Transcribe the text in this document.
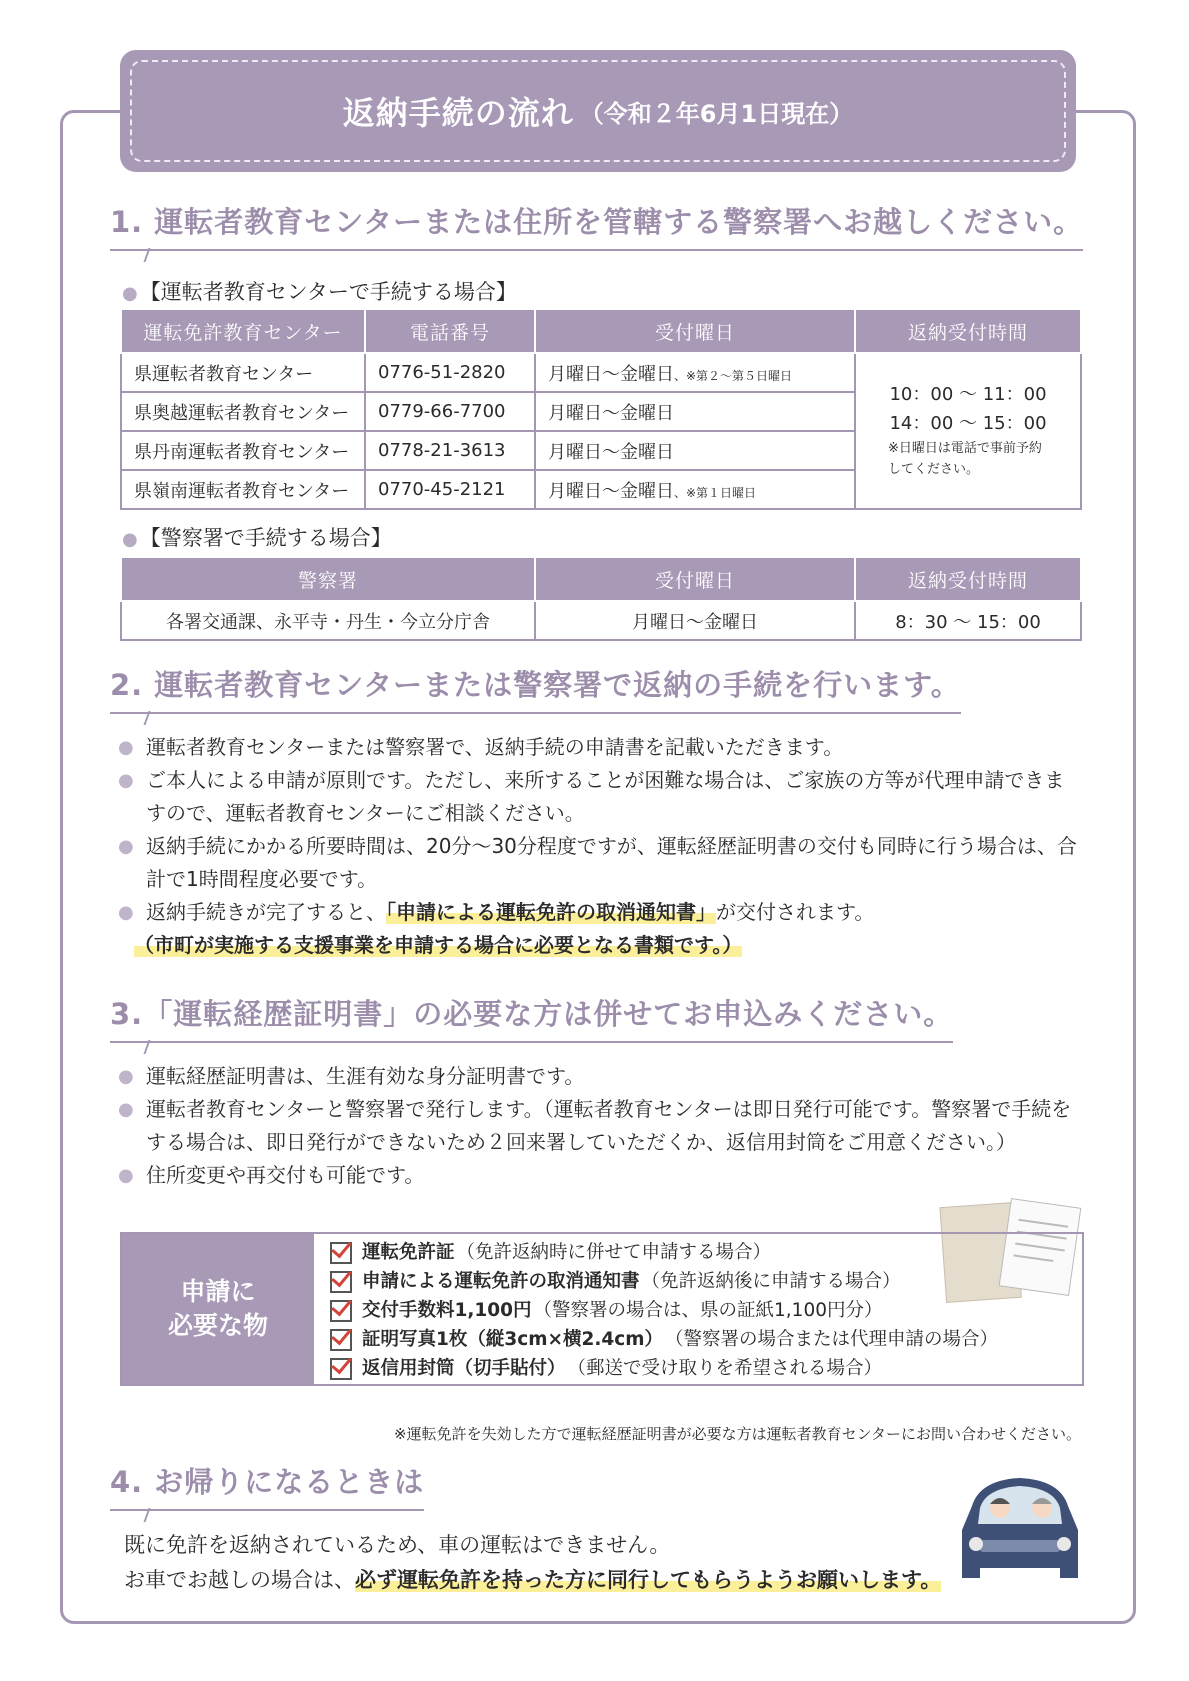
返納手続の流れ （令和２年6月1日現在）
1. 運転者教育センターまたは住所を管轄する警察署へお越しください。
●【運転者教育センターで手続する場合】
運転免許教育センター	電話番号	受付曜日	返納受付時間
県運転者教育センター	0776-51-2820	月曜日～金曜日、※第２～第５日曜日	10：00 ～ 11：00
14：00 ～ 15：00
※日曜日は電話で事前予約
してください。

県奥越運転者教育センター	0779-66-7700	月曜日～金曜日	
県丹南運転者教育センター	0778-21-3613	月曜日～金曜日	
県嶺南運転者教育センター	0770-45-2121	月曜日～金曜日、※第１日曜日	
●【警察署で手続する場合】
警察署	受付曜日	返納受付時間
各署交通課、永平寺・丹生・今立分庁舎	月曜日～金曜日	8：30 ～ 15：00
2. 運転者教育センターまたは警察署で返納の手続を行います。
● 運転者教育センターまたは警察署で、返納手続の申請書を記載いただきます。
● ご本人による申請が原則です。ただし、来所することが困難な場合は、ご家族の方等が代理申請できますので、運転者教育センターにご相談ください。
● 返納手続にかかる所要時間は、20分～30分程度ですが、運転経歴証明書の交付も同時に行う場合は、合計で1時間程度必要です。
● 返納手続きが完了すると、「申請による運転免許の取消通知書」が交付されます。
（市町が実施する支援事業を申請する場合に必要となる書類です。）
3.「運転経歴証明書」の必要な方は併せてお申込みください。
● 運転経歴証明書は、生涯有効な身分証明書です。
● 運転者教育センターと警察署で発行します。（運転者教育センターは即日発行可能です。警察署で手続をする場合は、即日発行ができないため２回来署していただくか、返信用封筒をご用意ください。）
● 住所変更や再交付も可能です。
申請に
必要な物
運転免許証 （免許返納時に併せて申請する場合）
申請による運転免許の取消通知書 （免許返納後に申請する場合）
交付手数料1,100円 （警察署の場合は、県の証紙1,100円分）
証明写真1枚（縦3cm×横2.4cm） （警察署の場合または代理申請の場合）
返信用封筒（切手貼付） （郵送で受け取りを希望される場合）
※運転免許を失効した方で運転経歴証明書が必要な方は運転者教育センターにお問い合わせください。
4. お帰りになるときは
既に免許を返納されているため、車の運転はできません。
お車でお越しの場合は、必ず運転免許を持った方に同行してもらうようお願いします。
